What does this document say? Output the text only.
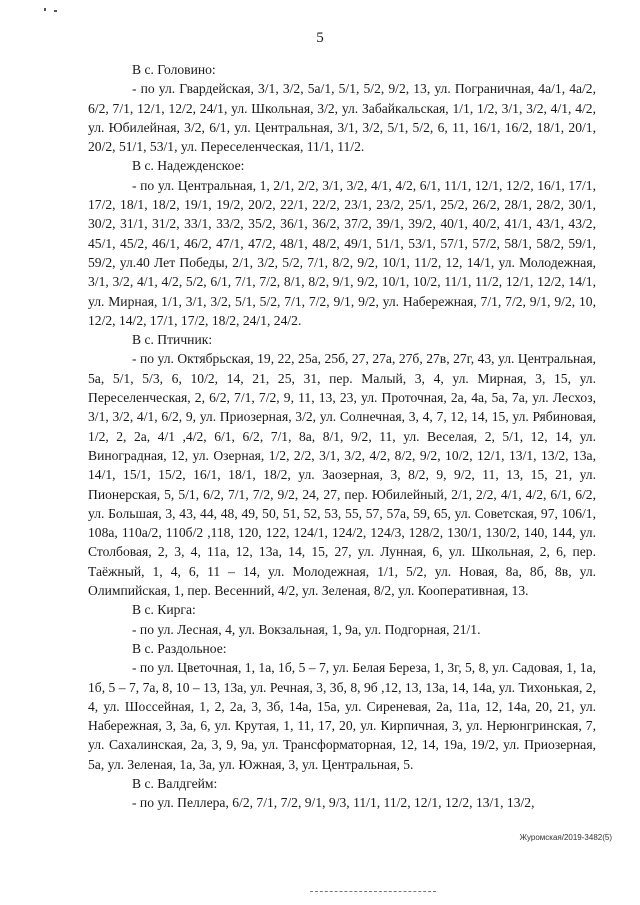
5

В с. Головино:

- по ул. Гвардейская, 3/1, 3/2, 5а/1, 5/1, 5/2, 9/2, 13, ул. Пограничная, 4а/1, 4а/2, 6/2, 7/1, 12/1, 12/2, 24/1, ул. Школьная, 3/2, ул. Забайкальская, 1/1, 1/2, 3/1, 3/2, 4/1, 4/2, ул. Юбилейная, 3/2, 6/1, ул. Центральная, 3/1, 3/2, 5/1, 5/2, 6, 11, 16/1, 16/2, 18/1, 20/1, 20/2, 51/1, 53/1, ул. Переселенческая, 11/1, 11/2.

В с. Надежденское:

- по ул. Центральная, 1, 2/1, 2/2, 3/1, 3/2, 4/1, 4/2, 6/1, 11/1, 12/1, 12/2, 16/1, 17/1, 17/2, 18/1, 18/2, 19/1, 19/2, 20/2, 22/1, 22/2, 23/1, 23/2, 25/1, 25/2, 26/2, 28/1, 28/2, 30/1, 30/2, 31/1, 31/2, 33/1, 33/2, 35/2, 36/1, 36/2, 37/2, 39/1, 39/2, 40/1, 40/2, 41/1, 43/1, 43/2, 45/1, 45/2, 46/1, 46/2, 47/1, 47/2, 48/1, 48/2, 49/1, 51/1, 53/1, 57/1, 57/2, 58/1, 58/2, 59/1, 59/2, ул.40 Лет Победы, 2/1, 3/2, 5/2, 7/1, 8/2, 9/2, 10/1, 11/2, 12, 14/1, ул. Молодежная, 3/1, 3/2, 4/1, 4/2, 5/2, 6/1, 7/1, 7/2, 8/1, 8/2, 9/1, 9/2, 10/1, 10/2, 11/1, 11/2, 12/1, 12/2, 14/1, ул. Мирная, 1/1, 3/1, 3/2, 5/1, 5/2, 7/1, 7/2, 9/1, 9/2, ул. Набережная, 7/1, 7/2, 9/1, 9/2, 10, 12/2, 14/2, 17/1, 17/2, 18/2, 24/1, 24/2.

В с. Птичник:

- по ул. Октябрьская, 19, 22, 25а, 25б, 27, 27а, 27б, 27в, 27г, 43, ул. Центральная, 5а, 5/1, 5/3, 6, 10/2, 14, 21, 25, 31, пер. Малый, 3, 4, ул. Мирная, 3, 15, ул. Переселенческая, 2, 6/2, 7/1, 7/2, 9, 11, 13, 23, ул. Проточная, 2а, 4а, 5а, 7а, ул. Лесхоз, 3/1, 3/2, 4/1, 6/2, 9, ул. Приозерная, 3/2, ул. Солнечная, 3, 4, 7, 12, 14, 15, ул. Рябиновая, 1/2, 2, 2а, 4/1 ,4/2, 6/1, 6/2, 7/1, 8а, 8/1, 9/2, 11, ул. Веселая, 2, 5/1, 12, 14, ул. Виноградная, 12, ул. Озерная, 1/2, 2/2, 3/1, 3/2, 4/2, 8/2, 9/2, 10/2, 12/1, 13/1, 13/2, 13а, 14/1, 15/1, 15/2, 16/1, 18/1, 18/2, ул. Заозерная, 3, 8/2, 9, 9/2, 11, 13, 15, 21, ул. Пионерская, 5, 5/1, 6/2, 7/1, 7/2, 9/2, 24, 27, пер. Юбилейный, 2/1, 2/2, 4/1, 4/2, 6/1, 6/2, ул. Большая, 3, 43, 44, 48, 49, 50, 51, 52, 53, 55, 57, 57а, 59, 65, ул. Советская, 97, 106/1, 108а, 110а/2, 110б/2 ,118, 120, 122, 124/1, 124/2, 124/3, 128/2, 130/1, 130/2, 140, 144, ул. Столбовая, 2, 3, 4, 11а, 12, 13а, 14, 15, 27, ул. Лунная, 6, ул. Школьная, 2, 6, пер. Таёжный, 1, 4, 6, 11 – 14, ул. Молодежная, 1/1, 5/2, ул. Новая, 8а, 8б, 8в, ул. Олимпийская, 1, пер. Весенний, 4/2, ул. Зеленая, 8/2, ул. Кооперативная, 13.

В с. Кирга:

- по ул. Лесная, 4, ул. Вокзальная, 1, 9а, ул. Подгорная, 21/1.

В с. Раздольное:

- по ул. Цветочная, 1, 1а, 1б, 5 – 7, ул. Белая Береза, 1, 3г, 5, 8, ул. Садовая, 1, 1а, 1б, 5 – 7, 7а, 8, 10 – 13, 13а, ул. Речная, 3, 3б, 8, 9б ,12, 13, 13а, 14, 14а, ул. Тихонькая, 2, 4, ул. Шоссейная, 1, 2, 2а, 3, 3б, 14а, 15а, ул. Сиреневая, 2а, 11а, 12, 14а, 20, 21, ул. Набережная, 3, 3а, 6, ул. Крутая, 1, 11, 17, 20, ул. Кирпичная, 3, ул. Нерюнгринская, 7, ул. Сахалинская, 2а, 3, 9, 9а, ул. Трансформаторная, 12, 14, 19а, 19/2, ул. Приозерная, 5а, ул. Зеленая, 1а, 3а, ул. Южная, 3, ул. Центральная, 5.

В с. Валдгейм:

- по ул. Пеллера, 6/2, 7/1, 7/2, 9/1, 9/3, 11/1, 11/2, 12/1, 12/2, 13/1, 13/2,

Журомская/2019-3482(5)
